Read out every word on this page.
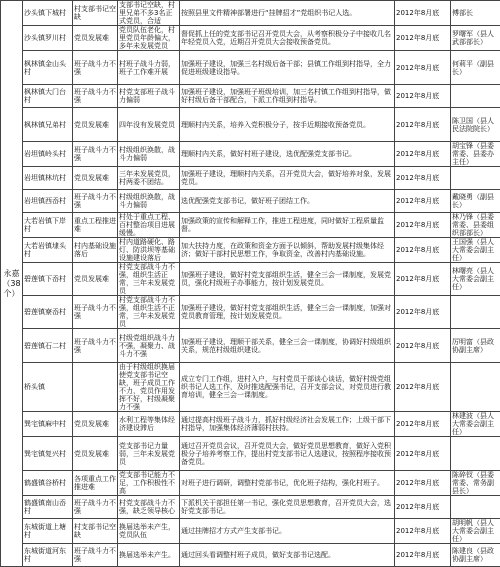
永嘉（38个）	沙头镇下城村	村支部书记空缺	支部书记空缺，村里兄弟不多3名正式党员，合适	按照县里文件精神部署进行“挂牌招才”党组织书记人选。	2012年8月底	傅部长
	沙头镇罗川村	党员发展难	党员队伍老化，村里党员年龄偏大，多年未发展党员	督促抓上任的党支部书记召开党员大会，从考察积极分子中接收几名年轻党员入党，近期召开党员大会接收预备党员。	2012年8月底	罗曙军（县人武部部长）
	枫林镇金山头村	班子战斗力不强	村班子战斗力弱，班子工作难开展	加强班子建设，加强三名村级后备干部；县镇工作组到村指导，全力促进班级建设指导。	2012年8月底	何莉平（副县长）
	枫林镇大门台村	班子战斗力不强	村党支部班子战斗力偏弱	加强班子建设，加强班子班级培训，加三名村镇工作组到村指导，做好村级后备干部配合，下派工作组到村指导。	2012年8月底	
	枫林镇兄弟村	党员发展难	四年没有发展党员	理顺村内关系，培养入党积极分子，按手近期接收预备党员。	2012年8月底	陈卫国（县人民法院院长）
	岩坦镇岭头村	班子战斗力不强	村级组织涣散，战斗力偏弱	理顺村内关系，做好村班子建设，选优配强党支部书记。	2012年8月底	胡宝锋（县委常委、县委办主任）
	岩坦镇林坑村	党员发展难	三年未发展党员，村两委不团结。	加强班子建设，理顺村内关系，召开党员大会，做好培养对象，发展党员。	2012年8月底	
	岩坦镇西岙村	班子战斗力不强	村级组织涣散，战斗力偏弱	选优配强党支部书记，做好班子团结工作。	2012年8月底	戴晓勇（副县长）
	大若岩镇下岸村	重点工程推进难	村处于重点工程、百村整治项目进展缓慢。	加强政策的宣传和解释工作，推进工程进度，同时做好工程质量监督。	2012年8月底	林乃锋（县委常委、县委组织部部长）
	大若岩镇埭头村	村内基础设施落后	村内道路硬化、路灯、防洪坝等基础设施建设落后	加大扶持力度，在政策和资金方面予以倾斜，帮助发展村级集体经济；做好干部村民思想工作，争取资金，改善村内基础设施。	2012年8月底	王国强（县人大常委会副主任）
	碧莲镇下岙村	党员发展难	村党支部战斗力不强，组织生活正常，三年未发展党员	加强班子建设，做好村党支部组织生活，健全三会一课制度，发展党员，强化村级班子办事能力，按计划发展党员。	2012年8月底	林曙亮（县人大常委会副主任）
	碧莲镇寮岙村	班子战斗力不强	村党支部战斗力不强，组织生活不正常，三年未发展党员	加强班子建设，做好村党支部组织生活，健全三会一课制度，加强对党员教育管理，按计划发展党员。	2012年8月底	
	碧莲镇石二村	班子战斗力不强	村级党组织战斗力不强，凝聚力、战斗力不强	加强班子建设，理顺干部关系，健全三会一课制度，协调好村级组织关系，规范村级组织建设。	2012年8月底	厉明富（县政协副主席）
	桥头镇		由于村级组织换届使党支部书记空缺，班子成员工作不力，党员作用发挥不好，村级凝聚力不强	成立专门工作组，进村入户，与村党员干部谈心谈话，做好村级党组织书记人选工作，及时推选配强书记，召开支部会议，对党员进行教育培训，健全三会一课制度。	2012年8月底	
	巽宅镇麻中村	党员发展难	水利工程等集体经济建设滞后	通过提高村级班子战斗力，抓好村级经济社会发展工作；上级干部下村指导，加强集体经济薄弱村扶持。	2012年8月底	林建波（县人大常委会副主任）
	巽宅镇复兴村	党员发展难	党支部书记力量弱，三年未发展党员	通过召开党员会议，召开党员大会，做好党员思想教育，做好入党积极分子培养考察工作，提出村党支部书记人选建议，按照程序接收预备党员。	2012年8月底	
	鹤盛镇谷桥村	各项重点工作推进难	党支部书记能力不足，工作积极性不高	对班子进行调研，调整村党部书记，优化班子结构，强化村班子。	2012年8月底	陈碎钗（县委常委、常务副县长）
	鹤盛镇南山岙村	班子战斗力不强	村党支部战斗力不强，缺乏领导核心	下派机关干部担任第一书记，强化党员思想教育，召开党员大会，选好党支部书记。	2012年8月底	
	东城街道上塘村	村支部书记空缺	换届选举未产生，党员队伍	通过挂牌招才方式产生支部书记。	2012年8月底	胡明帆（县人大常委会副主任）
	东城街道河东村	班子战斗力不强	换届选举未产生。	通过回头看调整村班子成员，做好支部书记选配。	2012年8月底	陈建良（县政协副主席）
